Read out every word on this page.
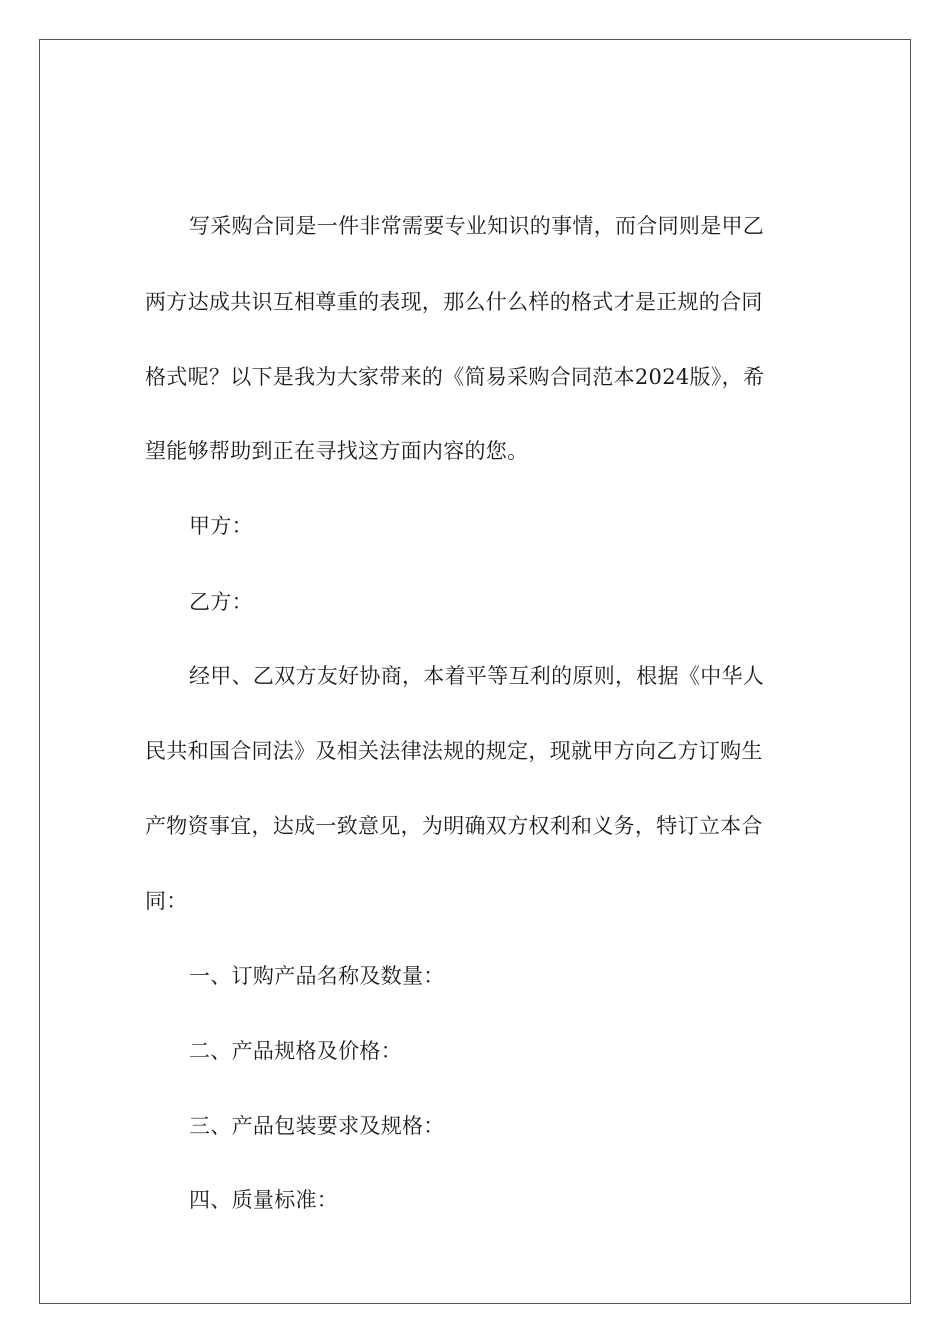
写采购合同是一件非常需要专业知识的事情，而合同则是甲乙
两方达成共识互相尊重的表现，那么什么样的格式才是正规的合同
格式呢？以下是我为大家带来的《简易采购合同范本2024版》，希
望能够帮助到正在寻找这方面内容的您。
甲方：
乙方：
经甲、乙双方友好协商，本着平等互利的原则，根据《中华人
民共和国合同法》及相关法律法规的规定，现就甲方向乙方订购生
产物资事宜，达成一致意见，为明确双方权利和义务，特订立本合
同：
一、订购产品名称及数量：
二、产品规格及价格：
三、产品包装要求及规格：
四、质量标准：
